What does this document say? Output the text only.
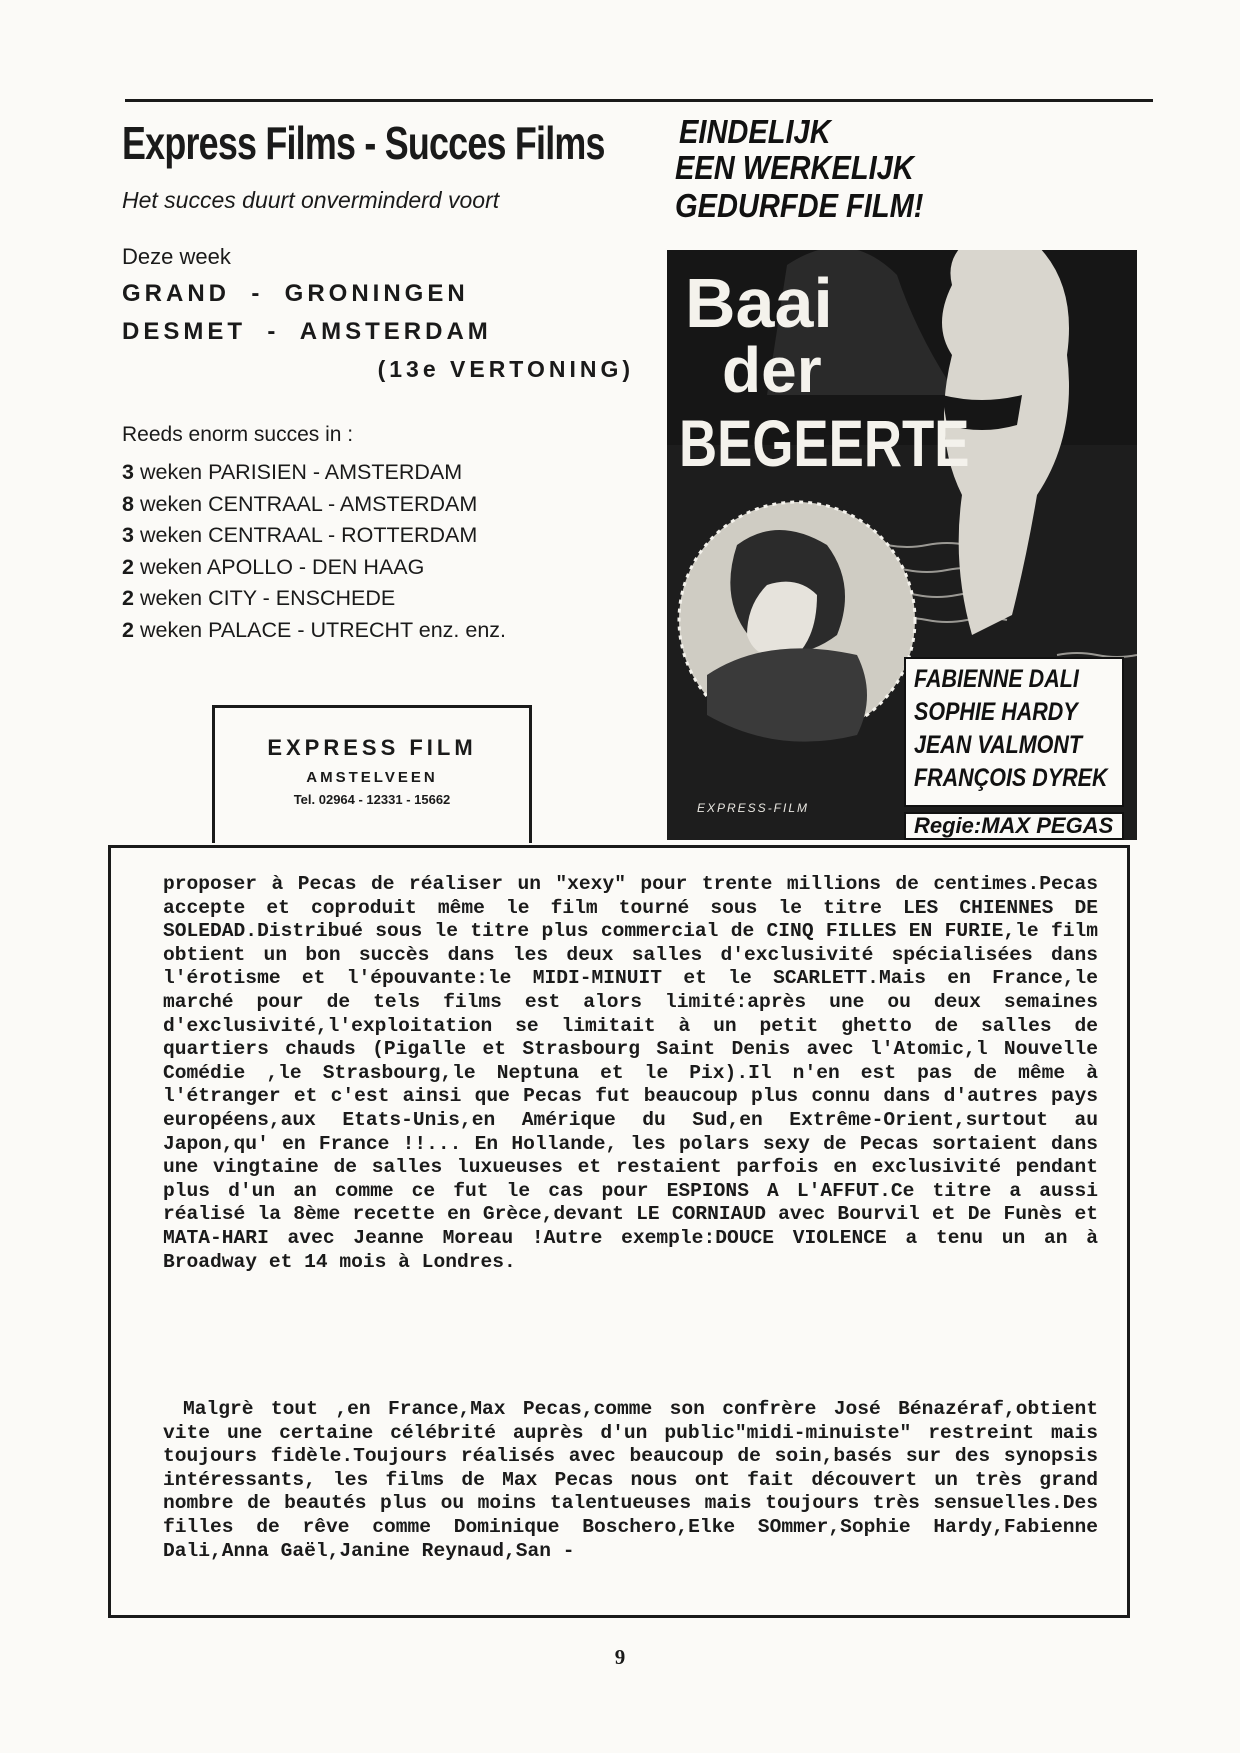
Express Films - Succes Films
Het succes duurt onverminderd voort
Deze week
GRAND  -  GRONINGEN
DESMET  -  AMSTERDAM
(13e VERTONING)
Reeds enorm succes in :
3 weken PARISIEN - AMSTERDAM
8 weken CENTRAAL - AMSTERDAM
3 weken CENTRAAL - ROTTERDAM
2 weken APOLLO - DEN HAAG
2 weken CITY - ENSCHEDE
2 weken PALACE - UTRECHT enz. enz.
EXPRESS FILM
AMSTELVEEN
Tel. 02964 - 12331 - 15662
EINDELIJK
EEN WERKELIJK
GEDURFDE FILM!
Baai
der
BEGEERTE
FABIENNE DALI
SOPHIE HARDY
JEAN VALMONT
FRANÇOIS DYREK
Regie:MAX PEGAS
EXPRESS-FILM

proposer à Pecas de réaliser un "xexy" pour trente millions de centimes.Pecas accepte et coproduit même le film tourné sous le titre LES CHIENNES DE SOLEDAD.Distribué sous le titre plus commercial de CINQ FILLES EN FURIE,le film obtient un bon succès dans les deux salles d'exclusivité spécialisées dans l'érotisme et l'épouvante:le MIDI-MINUIT et le SCARLETT.Mais en France,le marché pour de tels films est alors limité:après une ou deux semaines d'exclusivité,l'exploitation se limitait à un petit ghetto de salles de quartiers chauds (Pigalle et Strasbourg Saint Denis avec l'Atomic,l Nouvelle Comédie ,le Strasbourg,le Neptuna et le Pix).Il n'en est pas de même à l'étranger et c'est ainsi que Pecas fut beaucoup plus connu dans d'autres pays européens,aux Etats-Unis,en Amérique du Sud,en Extrême-Orient,surtout au Japon,qu' en France !!... En Hollande, les polars sexy de Pecas sortaient dans une vingtaine de salles luxueuses et restaient parfois en exclusivité pendant plus d'un an comme ce fut le cas pour ESPIONS A L'AFFUT.Ce titre a aussi réalisé la 8ème recette en Grèce,devant LE CORNIAUD avec Bourvil et De Funès et MATA-HARI avec Jeanne Moreau !Autre exemple:DOUCE VIOLENCE a tenu un an à Broadway et 14 mois à Londres.

Malgrè tout ,en France,Max Pecas,comme son confrère José Bénazéraf,obtient vite une certaine célébrité auprès d'un public"midi-minuiste" restreint mais toujours fidèle.Toujours réalisés avec beaucoup de soin,basés sur des synopsis intéressants, les films de Max Pecas nous ont fait découvert un très grand nombre de beautés plus ou moins talentueuses mais toujours très sensuelles.Des filles de rêve comme Dominique Boschero,Elke SOmmer,Sophie Hardy,Fabienne Dali,Anna Gaël,Janine Reynaud,San -

9
